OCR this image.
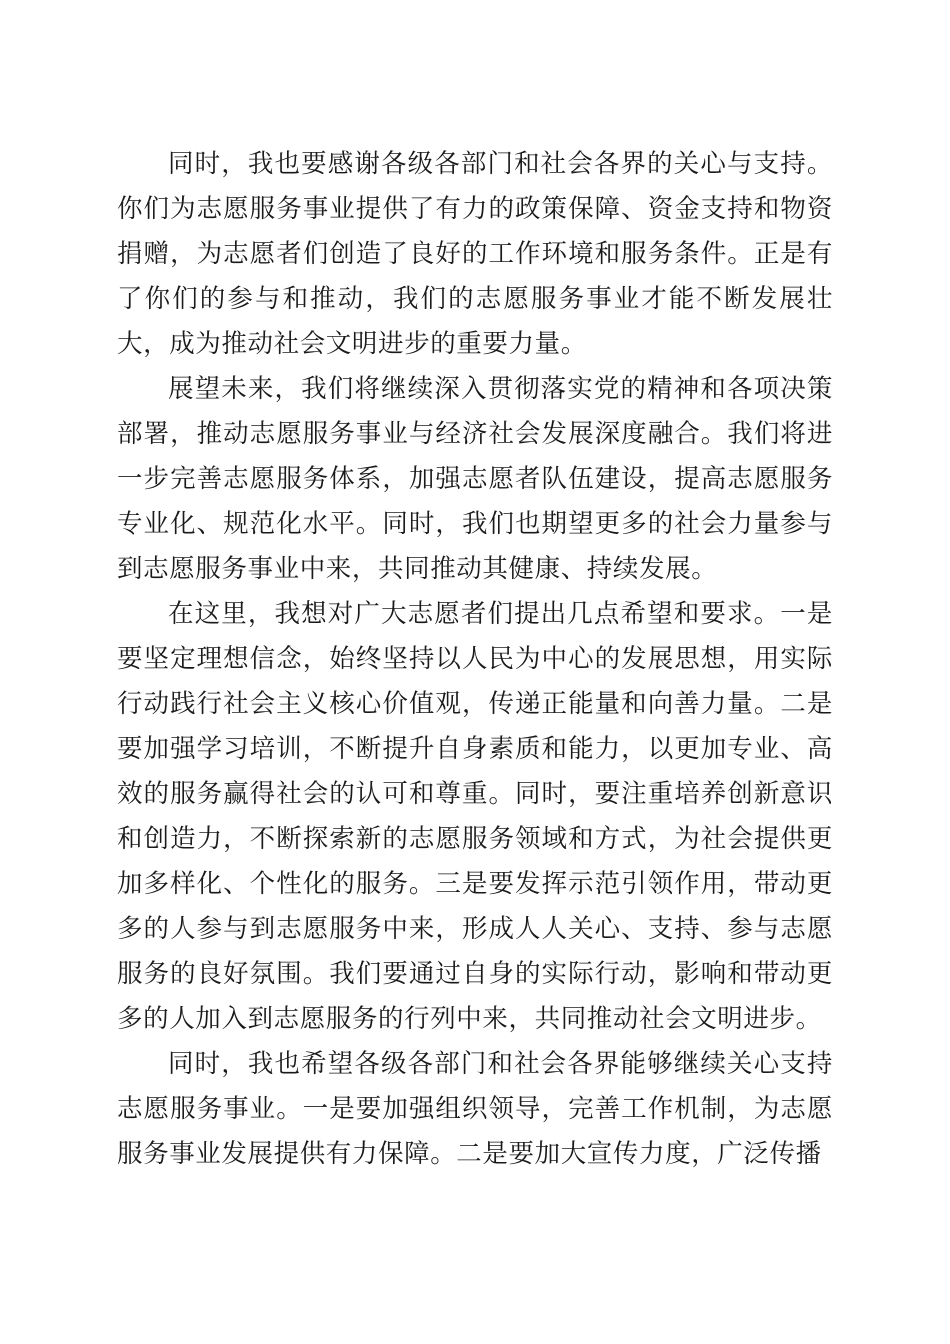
同时，我也要感谢各级各部门和社会各界的关心与支持。你们为志愿服务事业提供了有力的政策保障、资金支持和物资捐赠，为志愿者们创造了良好的工作环境和服务条件。正是有了你们的参与和推动，我们的志愿服务事业才能不断发展壮大，成为推动社会文明进步的重要力量。

展望未来，我们将继续深入贯彻落实党的精神和各项决策部署，推动志愿服务事业与经济社会发展深度融合。我们将进一步完善志愿服务体系，加强志愿者队伍建设，提高志愿服务专业化、规范化水平。同时，我们也期望更多的社会力量参与到志愿服务事业中来，共同推动其健康、持续发展。

在这里，我想对广大志愿者们提出几点希望和要求。一是要坚定理想信念，始终坚持以人民为中心的发展思想，用实际行动践行社会主义核心价值观，传递正能量和向善力量。二是要加强学习培训，不断提升自身素质和能力，以更加专业、高效的服务赢得社会的认可和尊重。同时，要注重培养创新意识和创造力，不断探索新的志愿服务领域和方式，为社会提供更加多样化、个性化的服务。三是要发挥示范引领作用，带动更多的人参与到志愿服务中来，形成人人关心、支持、参与志愿服务的良好氛围。我们要通过自身的实际行动，影响和带动更多的人加入到志愿服务的行列中来，共同推动社会文明进步。

同时，我也希望各级各部门和社会各界能够继续关心支持志愿服务事业。一是要加强组织领导，完善工作机制，为志愿服务事业发展提供有力保障。二是要加大宣传力度，广泛传播
